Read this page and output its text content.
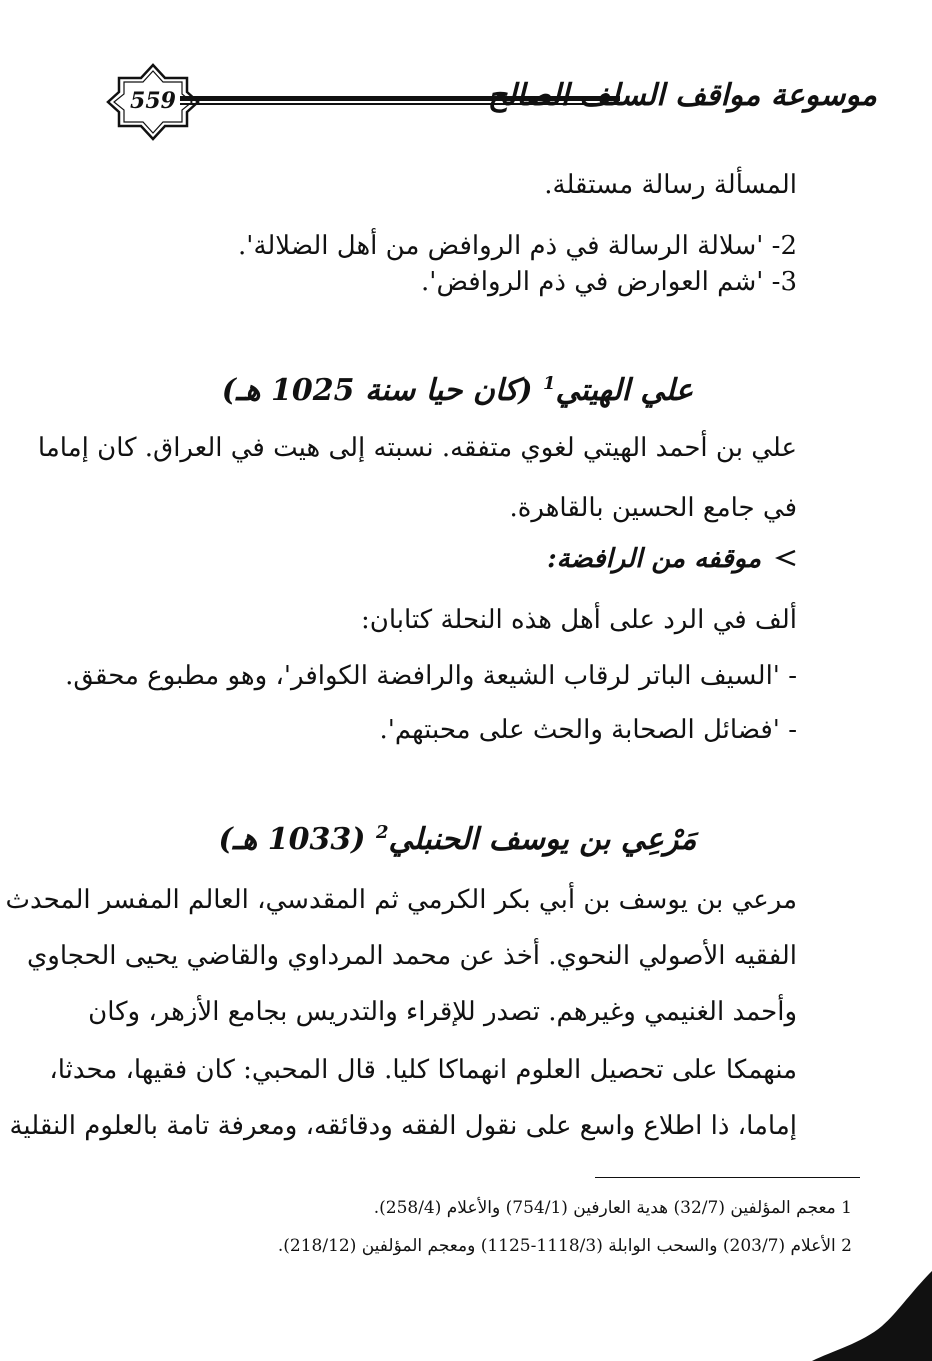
559	موسوعة مواقف السلف الصالح
المسألة رسالة مستقلة.
2- 'سلالة الرسالة في ذم الروافض من أهل الضلالة'.
3- 'شم العوارض في ذم الروافض'.
علي الهيتي$^1$ (كان حيا سنة 1025 هـ)
علي بن أحمد الهيتي لغوي متفقه. نسبته إلى هيت في العراق. كان إماما
في جامع الحسين بالقاهرة.
موقفه من الرافضة:
ألف في الرد على أهل هذه النحلة كتابان:
- 'السيف الباتر لرقاب الشيعة والرافضة الكوافر'، وهو مطبوع محقق.
- 'فضائل الصحابة والحث على محبتهم'.
مَرْعِي بن يوسف الحنبلي$^2$ (1033 هـ)
مرعي بن يوسف بن أبي بكر الكرمي ثم المقدسي، العالم المفسر المحدث
الفقيه الأصولي النحوي. أخذ عن محمد المرداوي والقاضي يحيى الحجاوي
وأحمد الغنيمي وغيرهم. تصدر للإقراء والتدريس بجامع الأزهر، وكان
منهمكا على تحصيل العلوم انهماكا كليا. قال المحبي: كان فقيها، محدثا،
إماما، ذا اطلاع واسع على نقول الفقه ودقائقه، ومعرفة تامة بالعلوم النقلية
1 معجم المؤلفين (32/7) هدية العارفين (754/1) والأعلام (258/4).
2 الأعلام (203/7) والسحب الوابلة (1118/3-1125) ومعجم المؤلفين (218/12).
